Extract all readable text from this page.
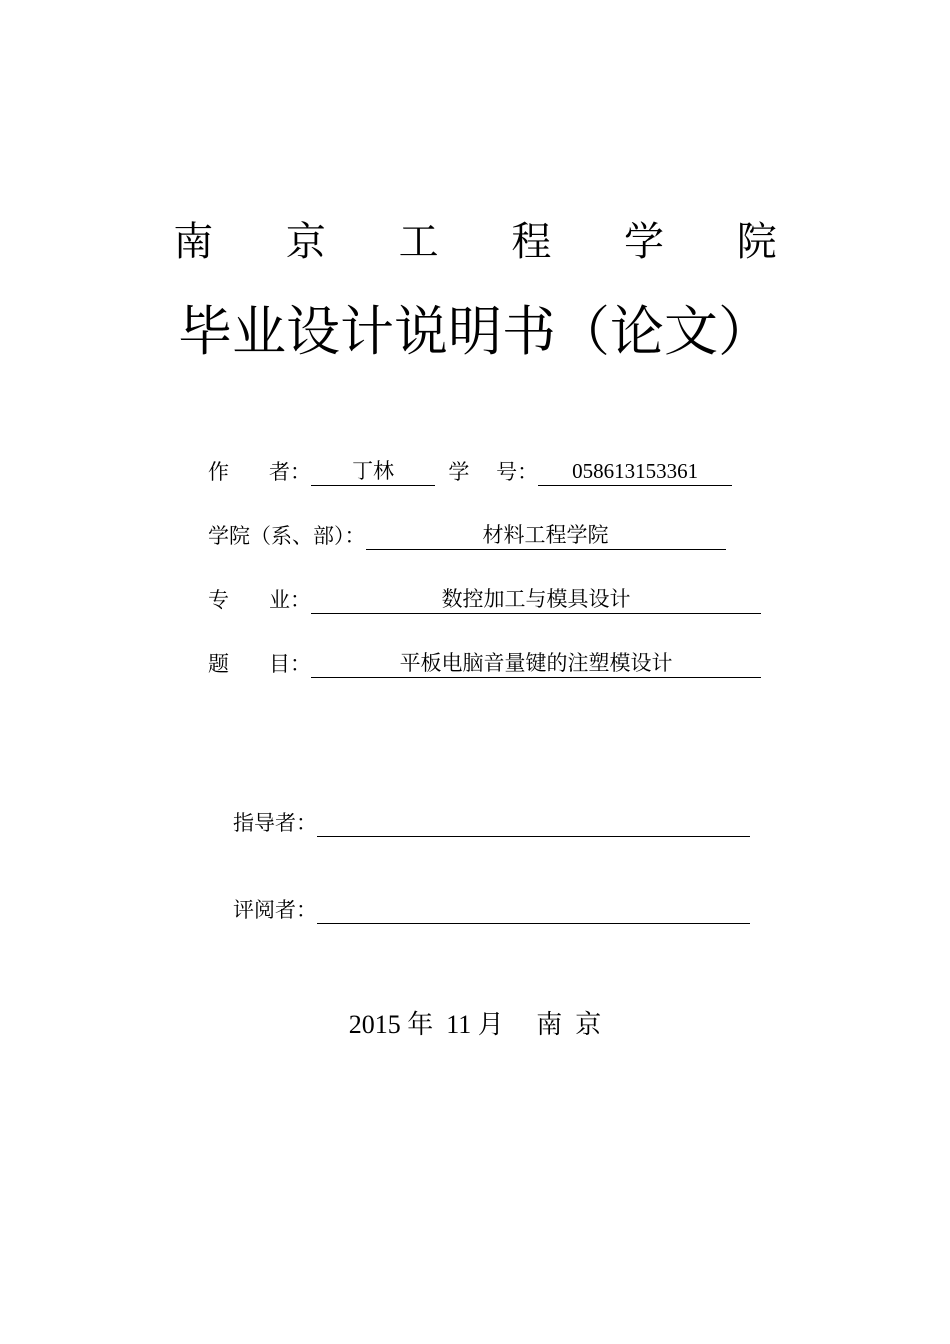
南 京 工 程 学 院
毕业设计说明书（论文）
作      者：	丁林	学    号：	058613153361
学院（系、部）：	材料工程学院
专      业：	数控加工与模具设计
题      目：	平板电脑音量键的注塑模设计
指导者：
评阅者：
2015 年  11 月     南  京
